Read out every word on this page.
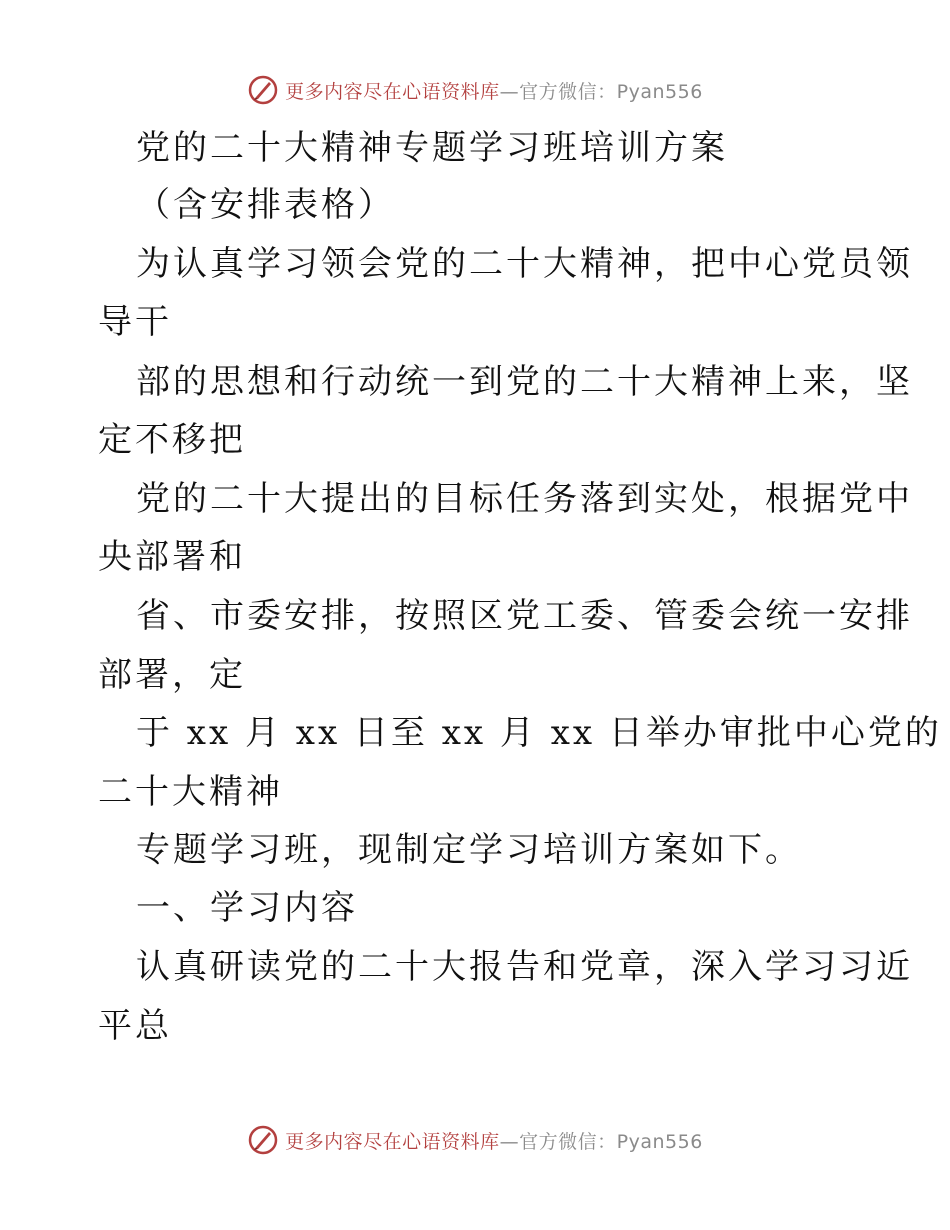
更多内容尽在心语资料库—官方微信：Pyan556
党的二十大精神专题学习班培训方案
（含安排表格）
为认真学习领会党的二十大精神，把中心党员领
导干
部的思想和行动统一到党的二十大精神上来，坚
定不移把
党的二十大提出的目标任务落到实处，根据党中
央部署和
省、市委安排，按照区党工委、管委会统一安排
部署，定
于 xx 月 xx 日至 xx 月 xx 日举办审批中心党的
二十大精神
专题学习班，现制定学习培训方案如下。
一、学习内容
认真研读党的二十大报告和党章，深入学习习近
平总
更多内容尽在心语资料库—官方微信：Pyan556
